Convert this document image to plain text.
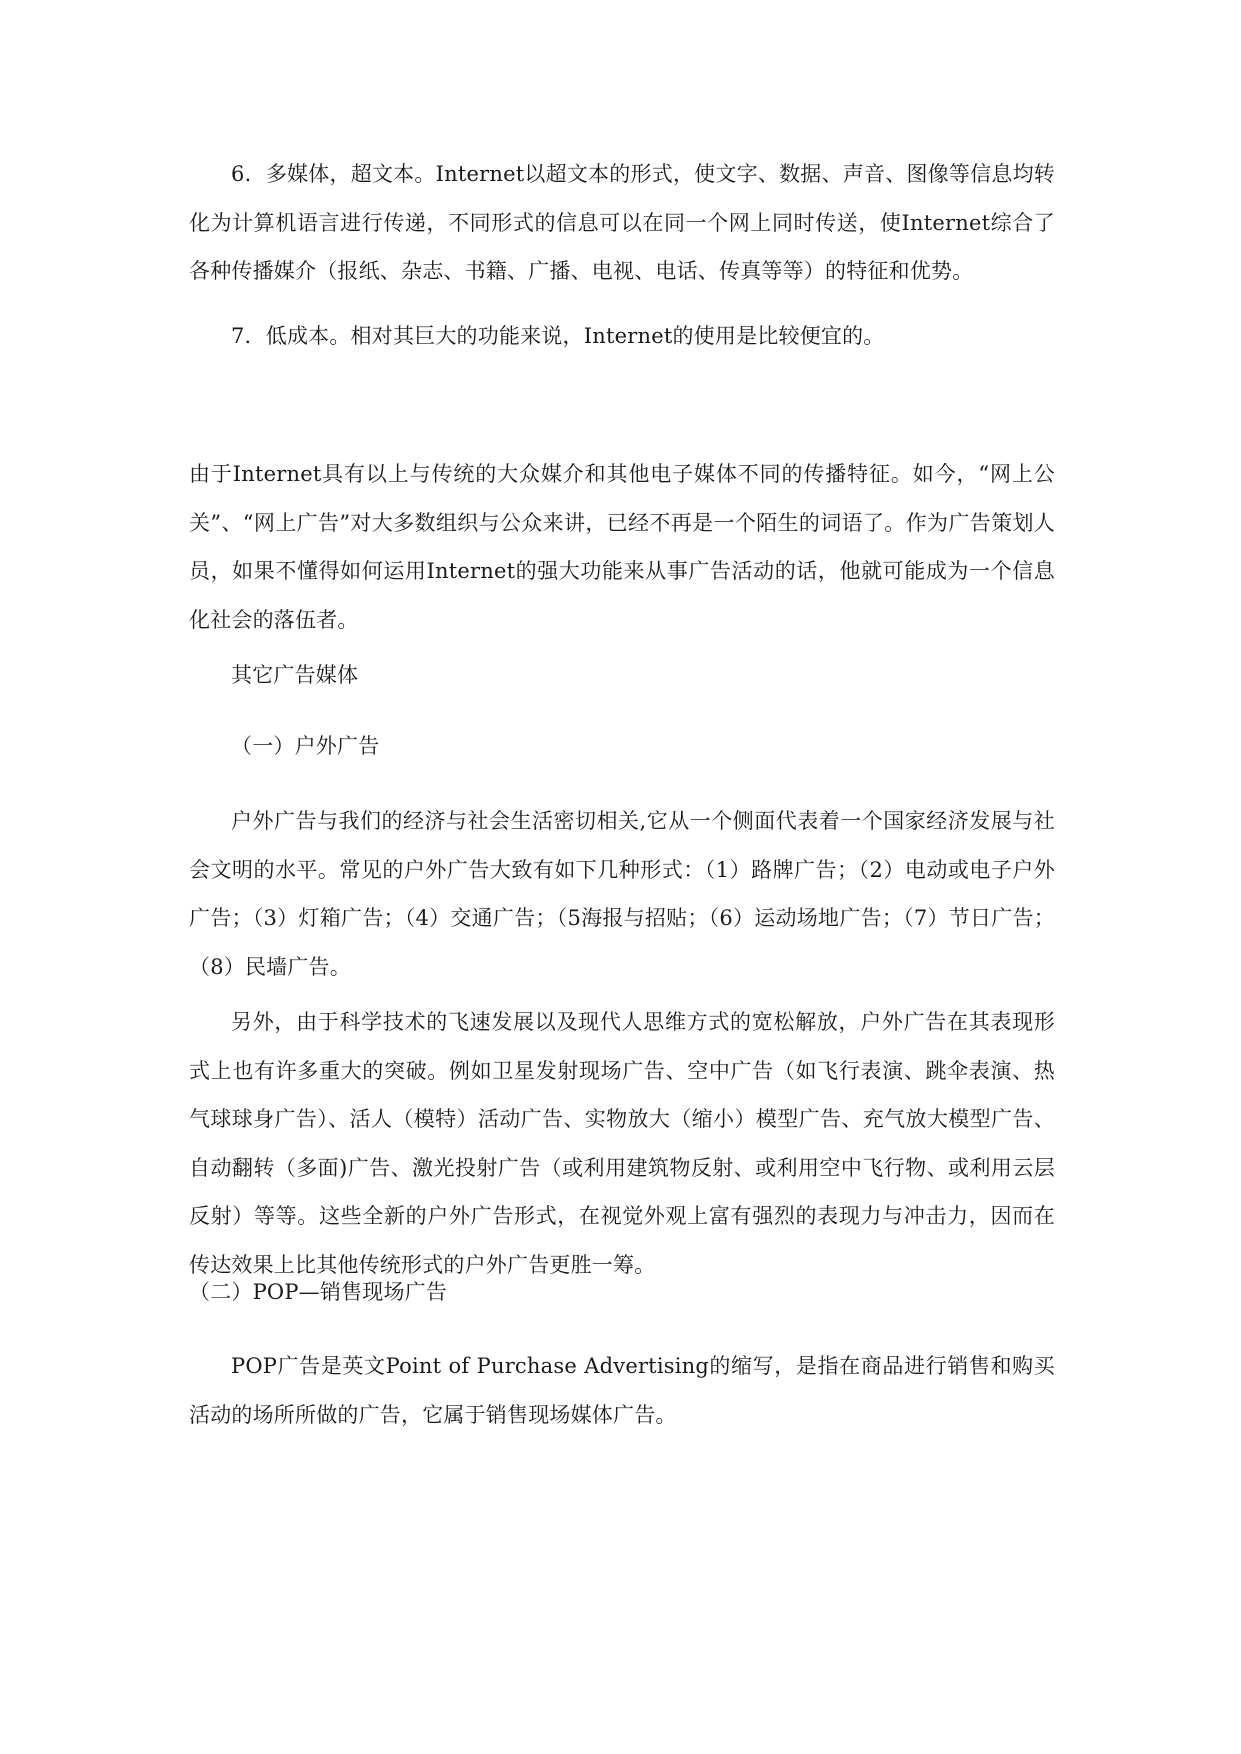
6．多媒体，超文本。Internet以超文本的形式，使文字、数据、声音、图像等信息均转化为计算机语言进行传递，不同形式的信息可以在同一个网上同时传送，使Internet综合了各种传播媒介（报纸、杂志、书籍、广播、电视、电话、传真等等）的特征和优势。

7．低成本。相对其巨大的功能来说，Internet的使用是比较便宜的。

由于Internet具有以上与传统的大众媒介和其他电子媒体不同的传播特征。如今，“网上公关”、“网上广告”对大多数组织与公众来讲，已经不再是一个陌生的词语了。作为广告策划人员，如果不懂得如何运用Internet的强大功能来从事广告活动的话，他就可能成为一个信息化社会的落伍者。

其它广告媒体

（一）户外广告

户外广告与我们的经济与社会生活密切相关,它从一个侧面代表着一个国家经济发展与社会文明的水平。常见的户外广告大致有如下几种形式：（1）路牌广告；（2）电动或电子户外广告；（3）灯箱广告；（4）交通广告；（5海报与招贴；（6）运动场地广告；（7）节日广告；（8）民墙广告。

另外，由于科学技术的飞速发展以及现代人思维方式的宽松解放，户外广告在其表现形式上也有许多重大的突破。例如卫星发射现场广告、空中广告（如飞行表演、跳伞表演、热气球球身广告）、活人（模特）活动广告、实物放大（缩小）模型广告、充气放大模型广告、自动翻转（多面)广告、激光投射广告（或利用建筑物反射、或利用空中飞行物、或利用云层反射）等等。这些全新的户外广告形式，在视觉外观上富有强烈的表现力与冲击力，因而在传达效果上比其他传统形式的户外广告更胜一筹。

（二）POP—销售现场广告

POP广告是英文Point of Purchase Advertising的缩写，是指在商品进行销售和购买活动的场所所做的广告，它属于销售现场媒体广告。
